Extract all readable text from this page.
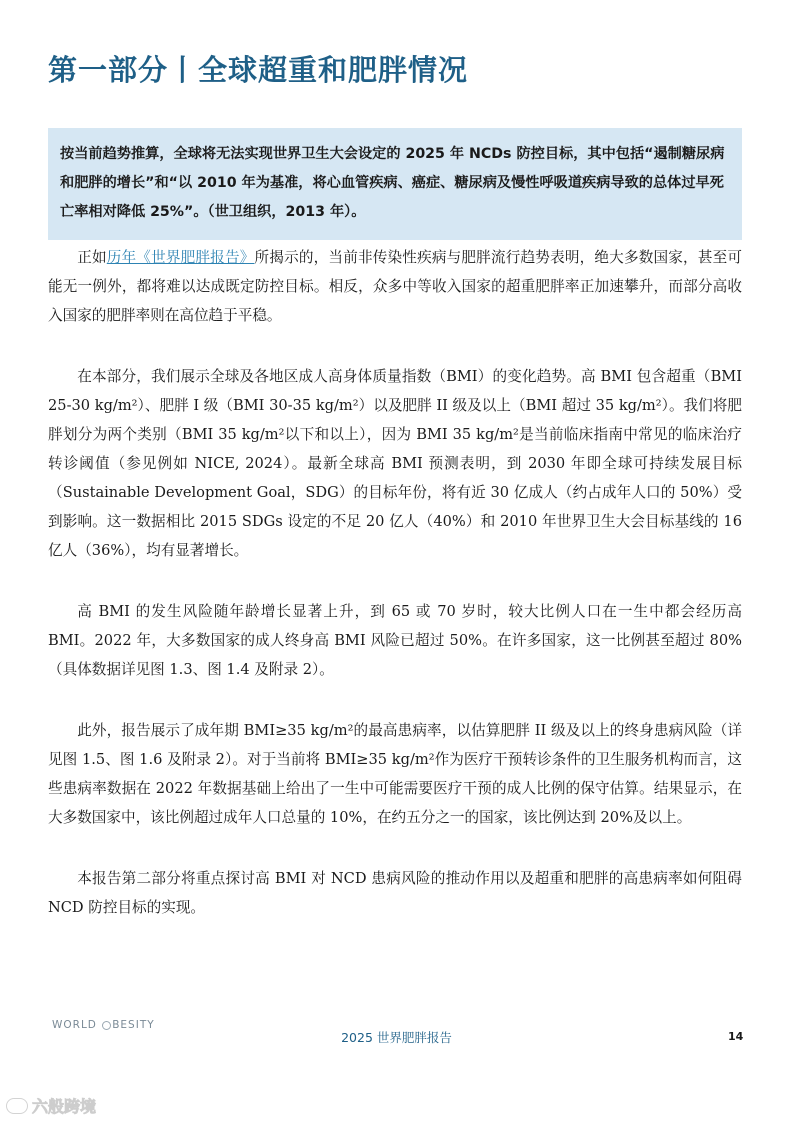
第一部分丨全球超重和肥胖情况
按当前趋势推算，全球将无法实现世界卫生大会设定的 2025 年 NCDs 防控目标，其中包括“遏制糖尿病和肥胖的增长”和“以 2010 年为基准，将心血管疾病、癌症、糖尿病及慢性呼吸道疾病导致的总体过早死亡率相对降低 25%”。（世卫组织，2013 年）。

正如历年《世界肥胖报告》所揭示的，当前非传染性疾病与肥胖流行趋势表明，绝大多数国家，甚至可能无一例外，都将难以达成既定防控目标。相反，众多中等收入国家的超重肥胖率正加速攀升，而部分高收入国家的肥胖率则在高位趋于平稳。

在本部分，我们展示全球及各地区成人高身体质量指数（BMI）的变化趋势。高 BMI 包含超重（BMI 25-30 kg/m²）、肥胖 I 级（BMI 30-35 kg/m²）以及肥胖 II 级及以上（BMI 超过 35 kg/m²）。我们将肥胖划分为两个类别（BMI 35 kg/m²以下和以上），因为 BMI 35 kg/m²是当前临床指南中常见的临床治疗转诊阈值（参见例如 NICE, 2024）。最新全球高 BMI 预测表明，到 2030 年即全球可持续发展目标（Sustainable Development Goal，SDG）的目标年份，将有近 30 亿成人（约占成年人口的 50%）受到影响。这一数据相比 2015 SDGs 设定的不足 20 亿人（40%）和 2010 年世界卫生大会目标基线的 16 亿人（36%），均有显著增长。

高 BMI 的发生风险随年龄增长显著上升，到 65 或 70 岁时，较大比例人口在一生中都会经历高 BMI。2022 年，大多数国家的成人终身高 BMI 风险已超过 50%。在许多国家，这一比例甚至超过 80%（具体数据详见图 1.3、图 1.4 及附录 2）。

此外，报告展示了成年期 BMI≥35 kg/m²的最高患病率，以估算肥胖 II 级及以上的终身患病风险（详见图 1.5、图 1.6 及附录 2）。对于当前将 BMI≥35 kg/m²作为医疗干预转诊条件的卫生服务机构而言，这些患病率数据在 2022 年数据基础上给出了一生中可能需要医疗干预的成人比例的保守估算。结果显示，在大多数国家中，该比例超过成年人口总量的 10%，在约五分之一的国家，该比例达到 20%及以上。

本报告第二部分将重点探讨高 BMI 对 NCD 患病风险的推动作用以及超重和肥胖的高患病率如何阻碍 NCD 防控目标的实现。

WORLD BESITY
2025 世界肥胖报告	14
六般跨境
